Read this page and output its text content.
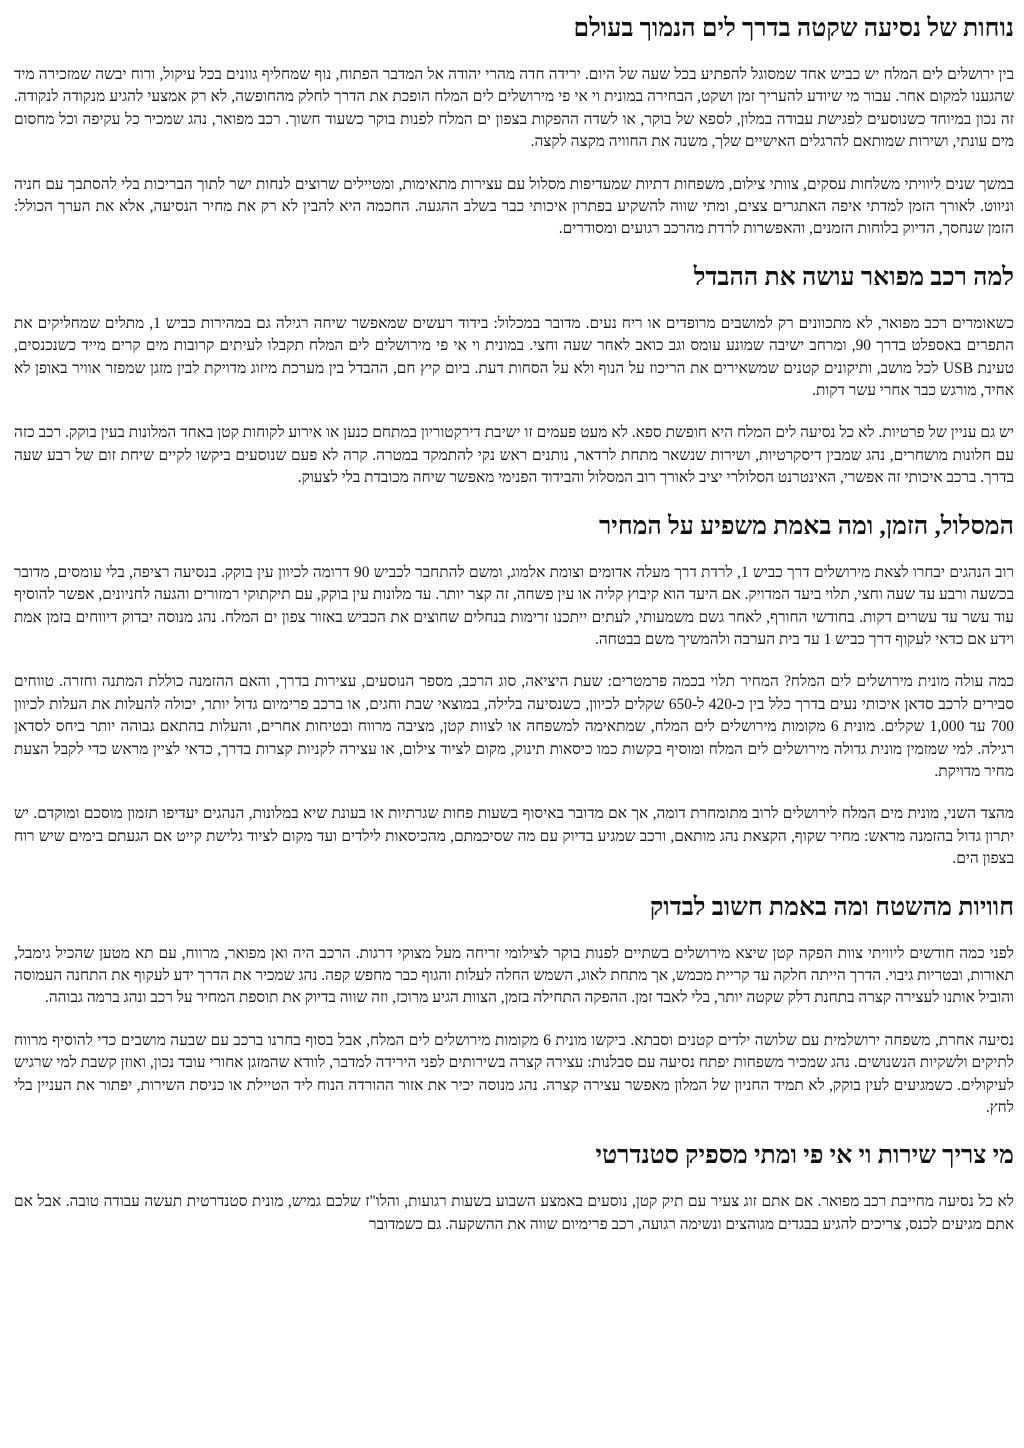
נוחות של נסיעה שקטה בדרך לים הנמוך בעולם

בין ירושלים לים המלח יש כביש אחד שמסוגל להפתיע בכל שעה של היום. ירידה חדה מהרי יהודה אל המדבר הפתוח, נוף שמחליף גוונים בכל עיקול, ורוח יבשה שמזכירה מיד שהגענו למקום אחר. עבור מי שיודע להעריך זמן ושקט, הבחירה במונית וי אי פי מירושלים לים המלח הופכת את הדרך לחלק מהחופשה, לא רק אמצעי להגיע מנקודה לנקודה. זה נכון במיוחד כשנוסעים לפגישת עבודה במלון, לספא של בוקר, או לשדה ההפקות בצפון ים המלח לפנות בוקר כשעוד חשוך. רכב מפואר, נהג שמכיר כל עקיפה וכל מחסום מים עונתי, ושירות שמותאם להרגלים האישיים שלך, משנה את החוויה מקצה לקצה.

במשך שנים ליוויתי משלחות עסקים, צוותי צילום, משפחות דתיות שמעדיפות מסלול עם עצירות מתאימות, ומטיילים שרוצים לנחות ישר לתוך הבריכות בלי להסתבך עם חניה וניווט. לאורך הזמן למדתי איפה האתגרים צצים, ומתי שווה להשקיע בפתרון איכותי כבר בשלב ההגעה. החכמה היא להבין לא רק את מחיר הנסיעה, אלא את הערך הכולל: הזמן שנחסך, הדיוק בלוחות הזמנים, והאפשרות לרדת מהרכב רגועים ומסודרים.

למה רכב מפואר עושה את ההבדל

כשאומרים רכב מפואר, לא מתכוונים רק למושבים מרופדים או ריח נעים. מדובר במכלול: בידוד רעשים שמאפשר שיחה רגילה גם במהירות כביש 1, מתלים שמחליקים את התפרים באספלט בדרך 90, ומרחב ישיבה שמונע עומס וגב כואב לאחר שעה וחצי. במונית וי אי פי מירושלים לים המלח תקבלו לעיתים קרובות מים קרים מייד כשנכנסים, טעינת USB לכל מושב, ותיקונים קטנים שמשאירים את הריכוז על הנוף ולא על הסחות דעת. ביום קיץ חם, ההבדל בין מערכת מיזוג מדויקת לבין מזגן שמפזר אוויר באופן לא אחיד, מורגש כבר אחרי עשר דקות.

יש גם עניין של פרטיות. לא כל נסיעה לים המלח היא חופשת ספא. לא מעט פעמים זו ישיבת דירקטוריון במתחם כנען או אירוע לקוחות קטן באחד המלונות בעין בוקק. רכב כזה עם חלונות מושחרים, נהג שמבין דיסקרטיות, ושירות שנשאר מתחת לרדאר, נותנים ראש נקי להתמקד במטרה. קרה לא פעם שנוסעים ביקשו לקיים שיחת זום של רבע שעה בדרך. ברכב איכותי זה אפשרי, האינטרנט הסלולרי יציב לאורך רוב המסלול והבידוד הפנימי מאפשר שיחה מכובדת בלי לצעוק.

המסלול, הזמן, ומה באמת משפיע על המחיר

רוב הנהגים יבחרו לצאת מירושלים דרך כביש 1, לרדת דרך מעלה אדומים וצומת אלמוג, ומשם להתחבר לכביש 90 דרומה לכיוון עין בוקק. בנסיעה רציפה, בלי עומסים, מדובר בכשעה ורבע עד שעה וחצי, תלוי ביעד המדויק. אם היעד הוא קיבוץ קליה או עין פשחה, זה קצר יותר. עד מלונות עין בוקק, עם תיקתוקי רמזורים והגעה לחניונים, אפשר להוסיף עוד עשר עד עשרים דקות. בחודשי החורף, לאחר גשם משמעותי, לעתים ייתכנו זרימות בנחלים שחוצים את הכביש באזור צפון ים המלח. נהג מנוסה יבדוק דיווחים בזמן אמת וידע אם כדאי לעקוף דרך כביש 1 עד בית הערבה ולהמשיך משם בבטחה.

כמה עולה מונית מירושלים לים המלח? המחיר תלוי בכמה פרמטרים: שעת היציאה, סוג הרכב, מספר הנוסעים, עצירות בדרך, והאם ההזמנה כוללת המתנה וחזרה. טווחים סבירים לרכב סדאן איכותי נעים בדרך כלל בין כ-420 ל-650 שקלים לכיוון, כשנסיעה בלילה, במוצאי שבת וחגים, או ברכב פרימיום גדול יותר, יכולה להעלות את העלות לכיוון 700 עד 1,000 שקלים. מונית 6 מקומות מירושלים לים המלח, שמתאימה למשפחה או לצוות קטן, מציבה מרווח ובטיחות אחרים, והעלות בהתאם גבוהה יותר ביחס לסדאן רגילה. למי שמזמין מונית גדולה מירושלים לים המלח ומוסיף בקשות כמו כיסאות תינוק, מקום לציוד צילום, או עצירה לקניות קצרות בדרך, כדאי לציין מראש כדי לקבל הצעת מחיר מדויקת.

מהצד השני, מונית מים המלח לירושלים לרוב מתומחרת דומה, אך אם מדובר באיסוף בשעות פחות שגרתיות או בעונת שיא במלונות, הנהגים יעדיפו תזמון מוסכם ומוקדם. יש יתרון גדול בהזמנה מראש: מחיר שקוף, הקצאת נהג מותאם, ורכב שמגיע בדיוק עם מה שסיכמתם, מהכיסאות לילדים ועד מקום לציוד גלישת קייט אם הגעתם בימים שיש רוח בצפון הים.

חוויות מהשטח ומה באמת חשוב לבדוק

לפני כמה חודשים ליוויתי צוות הפקה קטן שיצא מירושלים בשתיים לפנות בוקר לצילומי זריחה מעל מצוקי דרגות. הרכב היה ואן מפואר, מרווח, עם תא מטען שהכיל גימבל, תאורות, ובטריות גיבוי. הדרך הייתה חלקה עד קריית מכמש, אך מתחת לאוג, השמש החלה לעלות והגוף כבר מחפש קפה. נהג שמכיר את הדרך ידע לעקוף את התחנה העמוסה והוביל אותנו לעצירה קצרה בתחנת דלק שקטה יותר, בלי לאבד זמן. ההפקה התחילה בזמן, הצוות הגיע מרוכז, וזה שווה בדיוק את תוספת המחיר על רכב ונהג ברמה גבוהה.

נסיעה אחרת, משפחה ירושלמית עם שלושה ילדים קטנים וסבתא. ביקשו מונית 6 מקומות מירושלים לים המלח, אבל בסוף בחרנו ברכב עם שבעה מושבים כדי להוסיף מרווח לתיקים ולשקיות הנשנושים. נהג שמכיר משפחות יפתח נסיעה עם סבלנות: עצירה קצרה בשירותים לפני הירידה למדבר, לוודא שהמזגן אחורי עובד נכון, ואוזן קשבת למי שרגיש לעיקולים. כשמגיעים לעין בוקק, לא תמיד החניון של המלון מאפשר עצירה קצרה. נהג מנוסה יכיר את אזור ההורדה הנוח ליד הטיילת או כניסת השירות, יפתור את העניין בלי לחץ.

מי צריך שירות וי אי פי ומתי מספיק סטנדרטי

לא כל נסיעה מחייבת רכב מפואר. אם אתם זוג צעיר עם תיק קטן, נוסעים באמצע השבוע בשעות רגועות, והלו"ז שלכם גמיש, מונית סטנדרטית תעשה עבודה טובה. אבל אם אתם מגיעים לכנס, צריכים להגיע בבגדים מגוהצים ונשימה רגועה, רכב פרימיום שווה את ההשקעה. גם כשמדובר
